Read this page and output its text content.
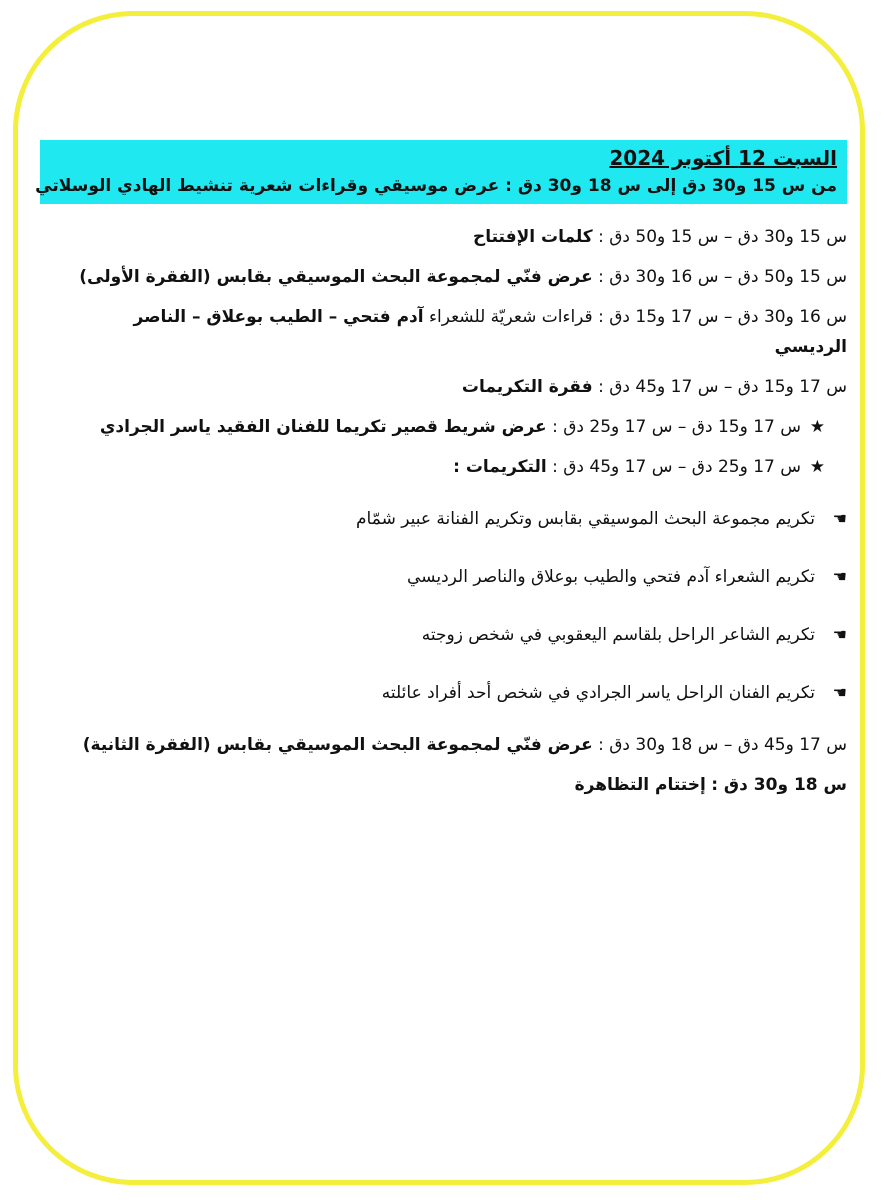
السبت 12 أكتوبر 2024
من س 15 و30 دق إلى س 18 و30 دق : عرض موسيقي وقراءات شعرية تنشيط الهادي الوسلاتي

س 15 و30 دق – س 15 و50 دق : كلمات الإفتتاح

س 15 و50 دق – س 16 و30 دق : عرض فنّي لمجموعة البحث الموسيقي بقابس (الفقرة الأولى)

س 16 و30 دق – س 17 و15 دق : قراءات شعريّة للشعراء آدم فتحي – الطيب بوعلاق – الناصر
الرديسي

س 17 و15 دق – س 17 و45 دق : فقرة التكريمات

★
س 17 و15 دق – س 17 و25 دق : عرض شريط قصير تكريما للفنان الفقيد ياسر الجرادي

★
س 17 و25 دق – س 17 و45 دق : التكريمات :

☚
تكريم مجموعة البحث الموسيقي بقابس وتكريم الفنانة عبير شمّام
☚
تكريم الشعراء آدم فتحي والطيب بوعلاق والناصر الرديسي
☚
تكريم الشاعر الراحل بلقاسم اليعقوبي في شخص زوجته
☚
تكريم الفنان الراحل ياسر الجرادي في شخص أحد أفراد عائلته

س 17 و45 دق – س 18 و30 دق : عرض فنّي لمجموعة البحث الموسيقي بقابس (الفقرة الثانية)

س 18 و30 دق : إختتام التظاهرة
